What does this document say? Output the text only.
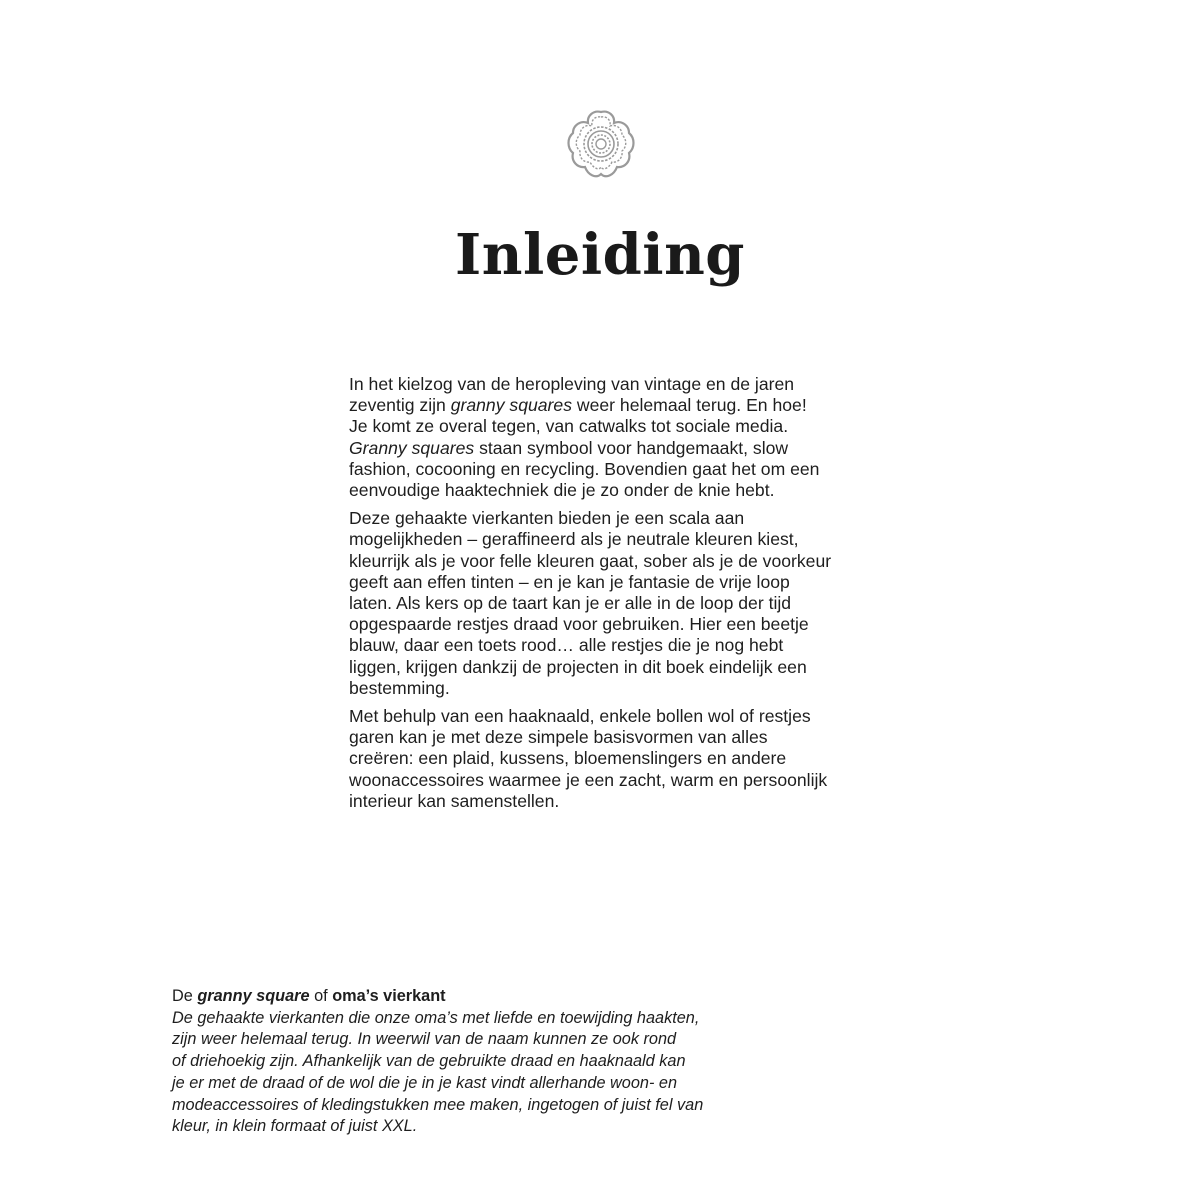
Inleiding

In het kielzog van de heropleving van vintage en de jaren
zeventig zijn granny squares weer helemaal terug. En hoe!
Je komt ze overal tegen, van catwalks tot sociale media.
Granny squares staan symbool voor handgemaakt, slow
fashion, cocooning en recycling. Bovendien gaat het om een
eenvoudige haaktechniek die je zo onder de knie hebt.

Deze gehaakte vierkanten bieden je een scala aan
mogelijkheden – geraffineerd als je neutrale kleuren kiest,
kleurrijk als je voor felle kleuren gaat, sober als je de voorkeur
geeft aan effen tinten – en je kan je fantasie de vrije loop
laten. Als kers op de taart kan je er alle in de loop der tijd
opgespaarde restjes draad voor gebruiken. Hier een beetje
blauw, daar een toets rood… alle restjes die je nog hebt
liggen, krijgen dankzij de projecten in dit boek eindelijk een
bestemming.

Met behulp van een haaknaald, enkele bollen wol of restjes
garen kan je met deze simpele basisvormen van alles
creëren: een plaid, kussens, bloemenslingers en andere
woonaccessoires waarmee je een zacht, warm en persoonlijk
interieur kan samenstellen.

De granny square of oma’s vierkant
De gehaakte vierkanten die onze oma’s met liefde en toewijding haakten,
zijn weer helemaal terug. In weerwil van de naam kunnen ze ook rond
of driehoekig zijn. Afhankelijk van de gebruikte draad en haaknaald kan
je er met de draad of de wol die je in je kast vindt allerhande woon- en
modeaccessoires of kledingstukken mee maken, ingetogen of juist fel van
kleur, in klein formaat of juist XXL.
